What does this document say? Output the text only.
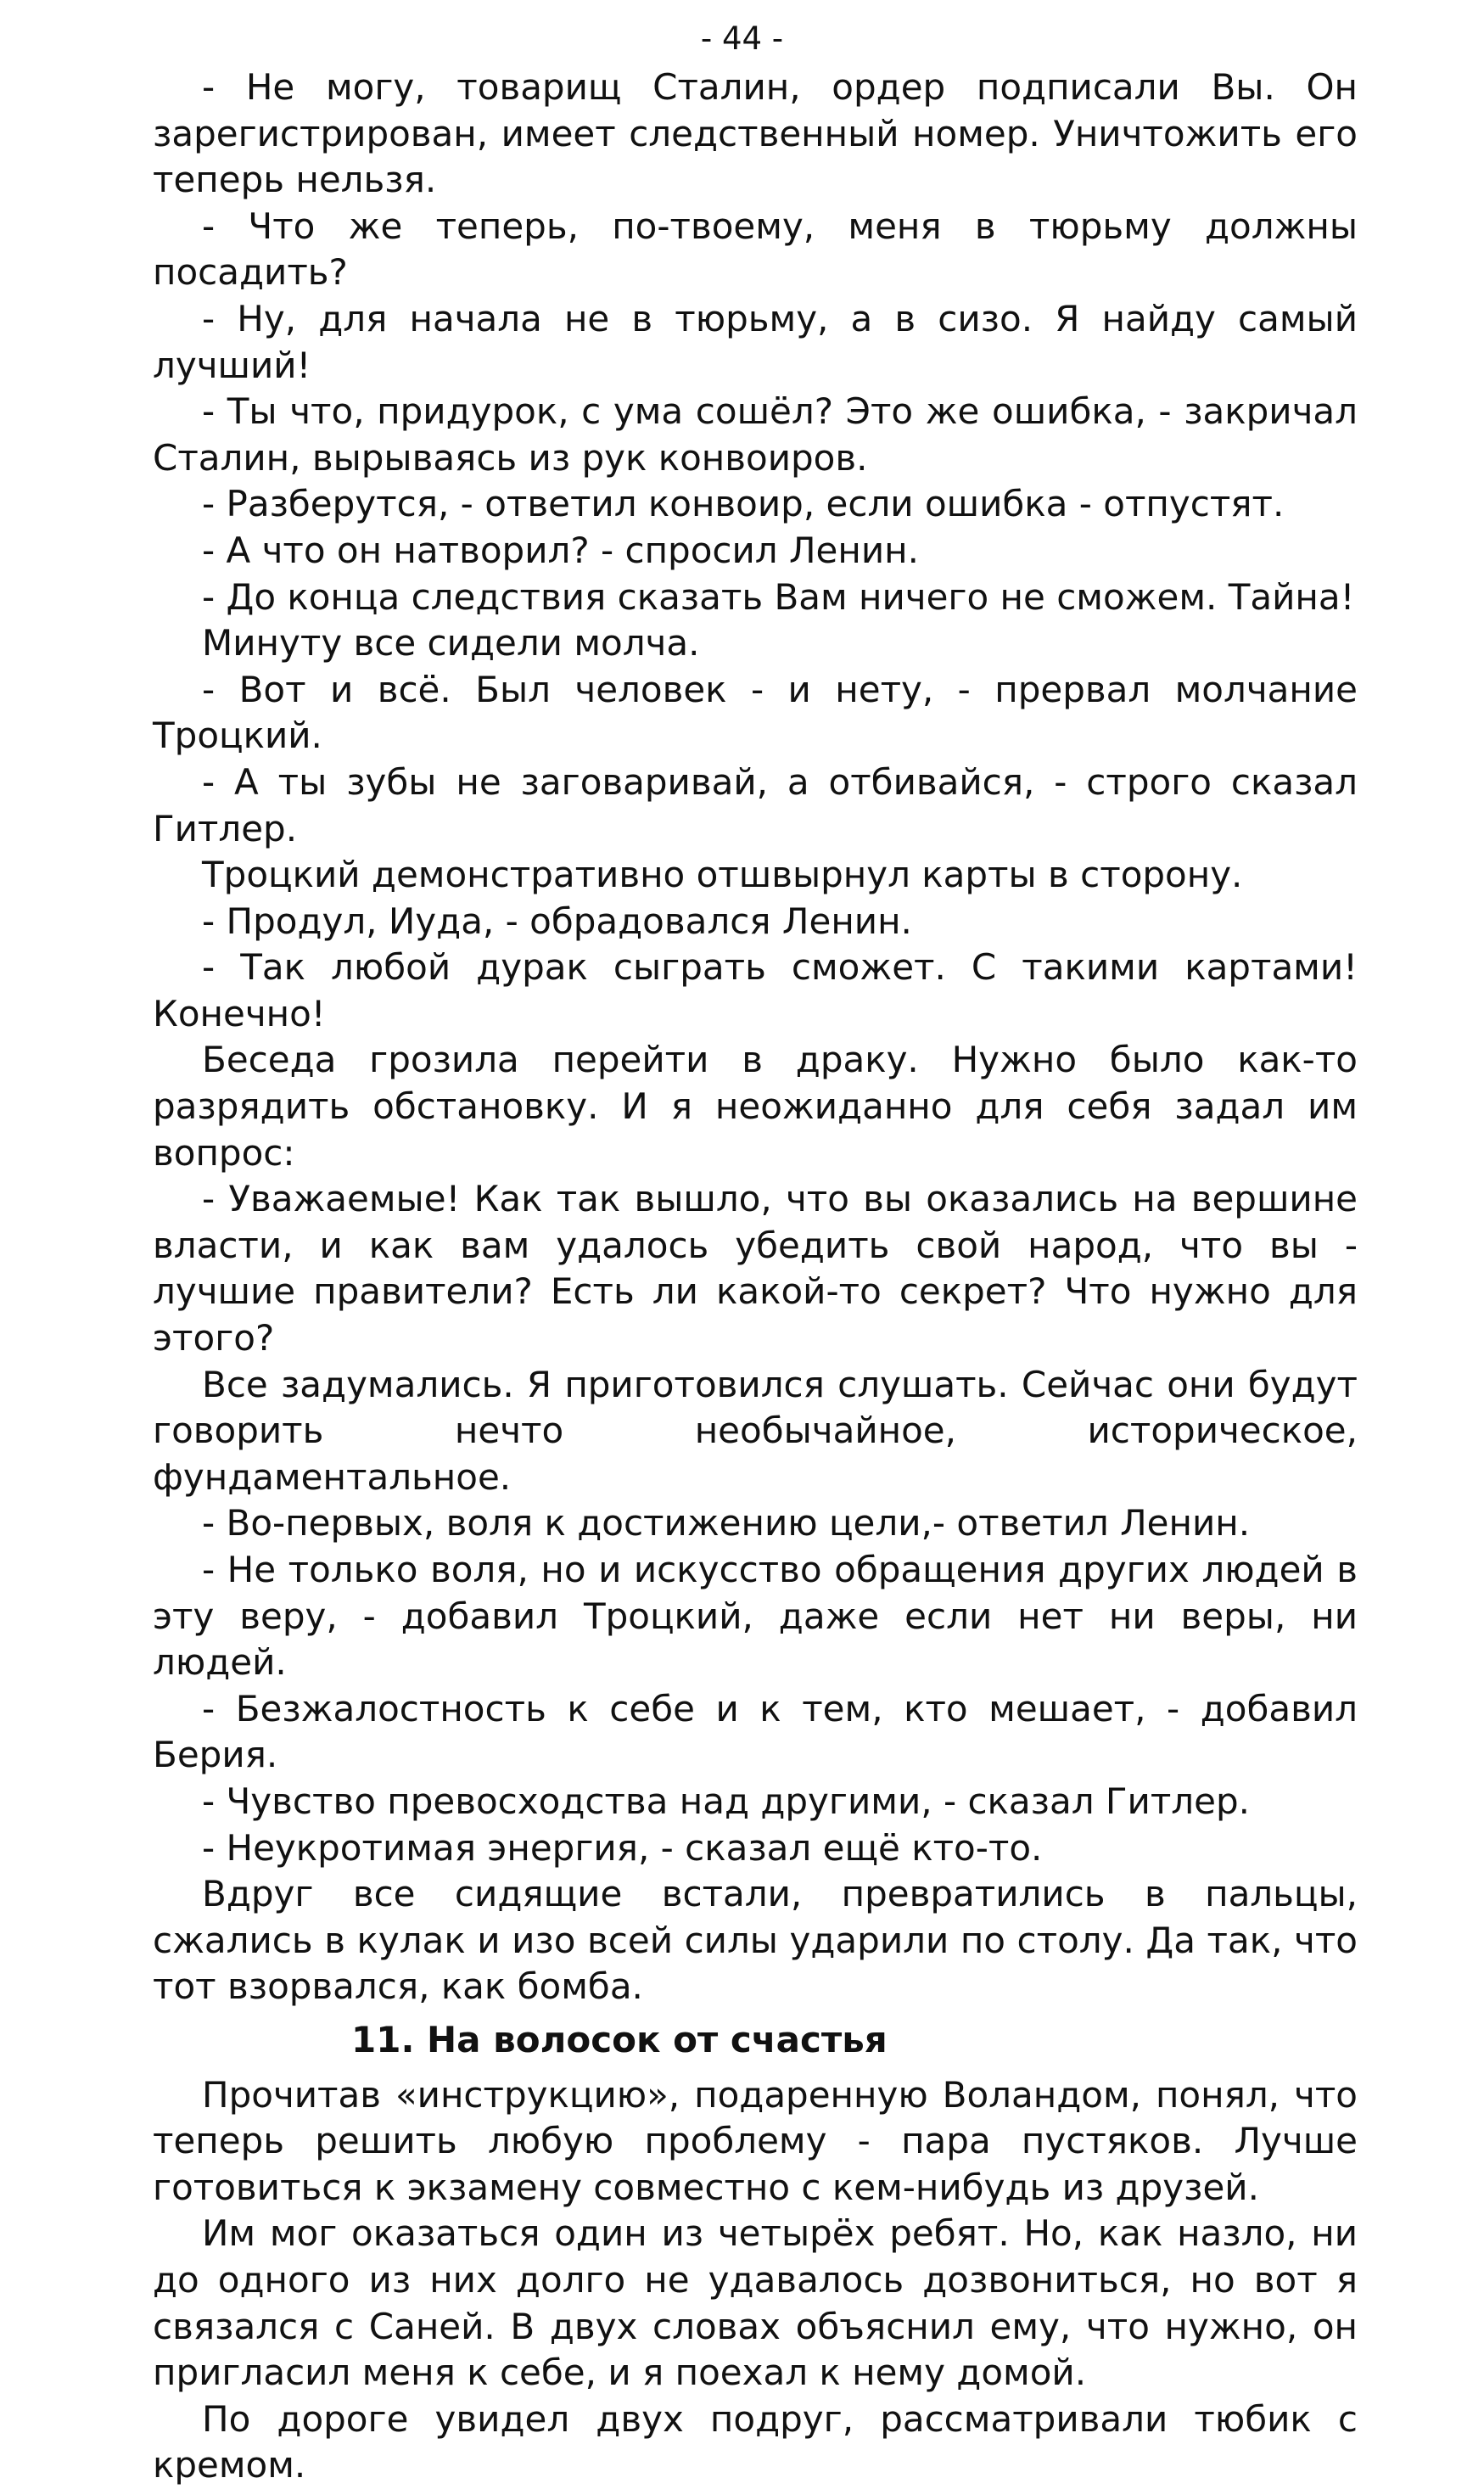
- 44 -

- Не могу, товарищ Сталин, ордер подписали Вы. Он зарегистрирован, имеет следственный номер. Уничтожить его теперь нельзя.

- Что же теперь, по-твоему, меня в тюрьму должны посадить?

- Ну, для начала не в тюрьму, а в сизо. Я найду самый лучший!

- Ты что, придурок, с ума сошёл? Это же ошибка, - закричал Сталин, вырываясь из рук конвоиров.

- Разберутся, - ответил конвоир, если ошибка - отпустят.

- А что он натворил? - спросил Ленин.

- До конца следствия сказать Вам ничего не сможем. Тайна!

Минуту все сидели молча.

- Вот и всё. Был человек - и нету, - прервал молчание Троцкий.

- А ты зубы не заговаривай, а отбивайся, - строго сказал Гитлер.

Троцкий демонстративно отшвырнул карты в сторону.

- Продул, Иуда, - обрадовался Ленин.

- Так любой дурак сыграть сможет. С такими картами! Конечно!

Беседа грозила перейти в драку. Нужно было как-то разрядить обстановку. И я неожиданно для себя задал им вопрос:

- Уважаемые! Как так вышло, что вы оказались на вершине власти, и как вам удалось убедить свой народ, что вы - лучшие правители? Есть ли какой-то секрет? Что нужно для этого?

Все задумались. Я приготовился слушать. Сейчас они будут говорить нечто необычайное, историческое, фундаментальное.

- Во-первых, воля к достижению цели,- ответил Ленин.

- Не только воля, но и искусство обращения других людей в эту веру, - добавил Троцкий, даже если нет ни веры, ни людей.

- Безжалостность к себе и к тем, кто мешает, - добавил Берия.

- Чувство превосходства над другими, - сказал Гитлер.

- Неукротимая энергия, - сказал ещё кто-то.

Вдруг все сидящие встали, превратились в пальцы, сжались в кулак и изо всей силы ударили по столу. Да так, что тот взорвался, как бомба.

11. На волосок от счастья

Прочитав «инструкцию», подаренную Воландом, понял, что теперь решить любую проблему - пара пустяков. Лучше готовиться к экзамену совместно с кем-нибудь из друзей.

Им мог оказаться один из четырёх ребят. Но, как назло, ни до одного из них долго не удавалось дозвониться, но вот я связался с Саней. В двух словах объяснил ему, что нужно, он пригласил меня к себе, и я поехал к нему домой.

По дороге увидел двух подруг, рассматривали тюбик с кремом.
